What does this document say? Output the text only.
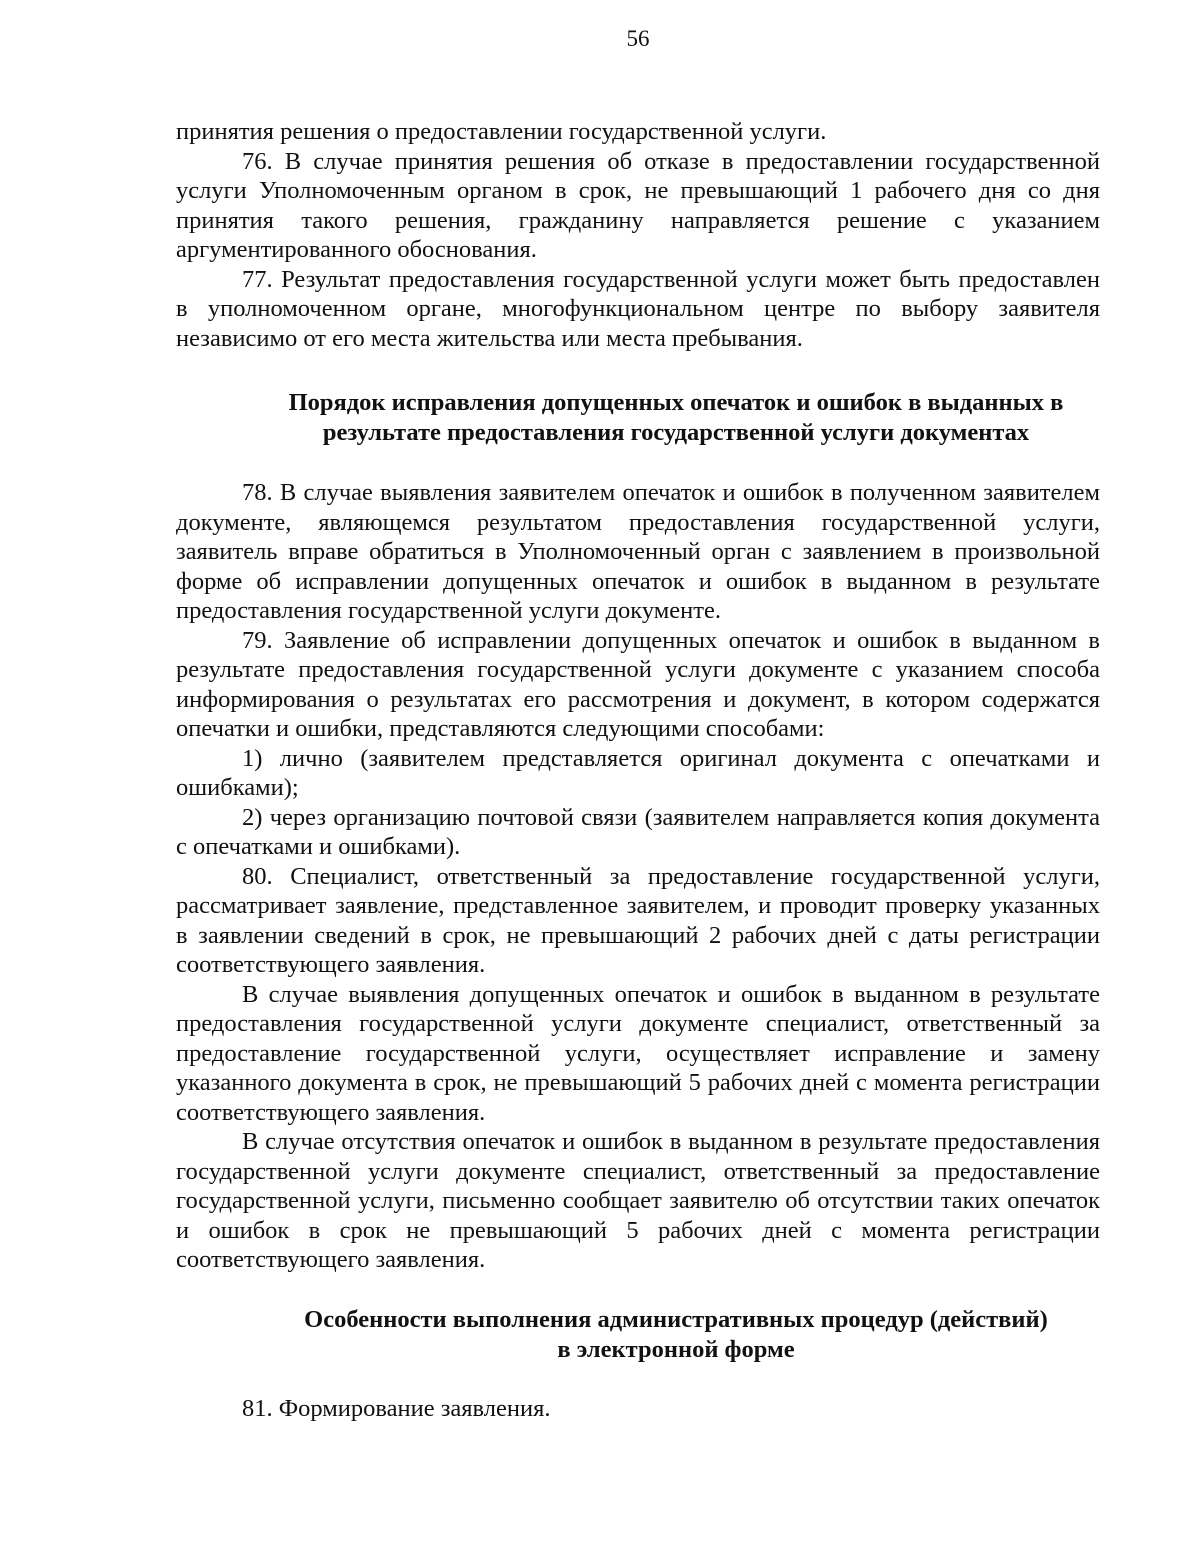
56

принятия решения о предоставлении государственной услуги.

76. В случае принятия решения об отказе в предоставлении государственной услуги Уполномоченным органом в срок, не превышающий 1 рабочего дня со дня принятия такого решения, гражданину направляется решение с указанием аргументированного обоснования.

77. Результат предоставления государственной услуги может быть предоставлен в уполномоченном органе, многофункциональном центре по выбору заявителя независимо от его места жительства или места пребывания.

Порядок исправления допущенных опечаток и ошибок в выданных в
результате предоставления государственной услуги документах

78. В случае выявления заявителем опечаток и ошибок в полученном заявителем документе, являющемся результатом предоставления государственной услуги, заявитель вправе обратиться в Уполномоченный орган с заявлением в произвольной форме об исправлении допущенных опечаток и ошибок в выданном в результате предоставления государственной услуги документе.

79. Заявление об исправлении допущенных опечаток и ошибок в выданном в результате предоставления государственной услуги документе с указанием способа информирования о результатах его рассмотрения и документ, в котором содержатся опечатки и ошибки, представляются следующими способами:

1) лично (заявителем представляется оригинал документа с опечатками и ошибками);

2) через организацию почтовой связи (заявителем направляется копия документа с опечатками и ошибками).

80. Специалист, ответственный за предоставление государственной услуги, рассматривает заявление, представленное заявителем, и проводит проверку указанных в заявлении сведений в срок, не превышающий 2 рабочих дней с даты регистрации соответствующего заявления.

В случае выявления допущенных опечаток и ошибок в выданном в результате предоставления государственной услуги документе специалист, ответственный за предоставление государственной услуги, осуществляет исправление и замену указанного документа в срок, не превышающий 5 рабочих дней с момента регистрации соответствующего заявления.

В случае отсутствия опечаток и ошибок в выданном в результате предоставления государственной услуги документе специалист, ответственный за предоставление государственной услуги, письменно сообщает заявителю об отсутствии таких опечаток и ошибок в срок не превышающий 5 рабочих дней с момента регистрации соответствующего заявления.

Особенности выполнения административных процедур (действий)
в электронной форме

81. Формирование заявления.
